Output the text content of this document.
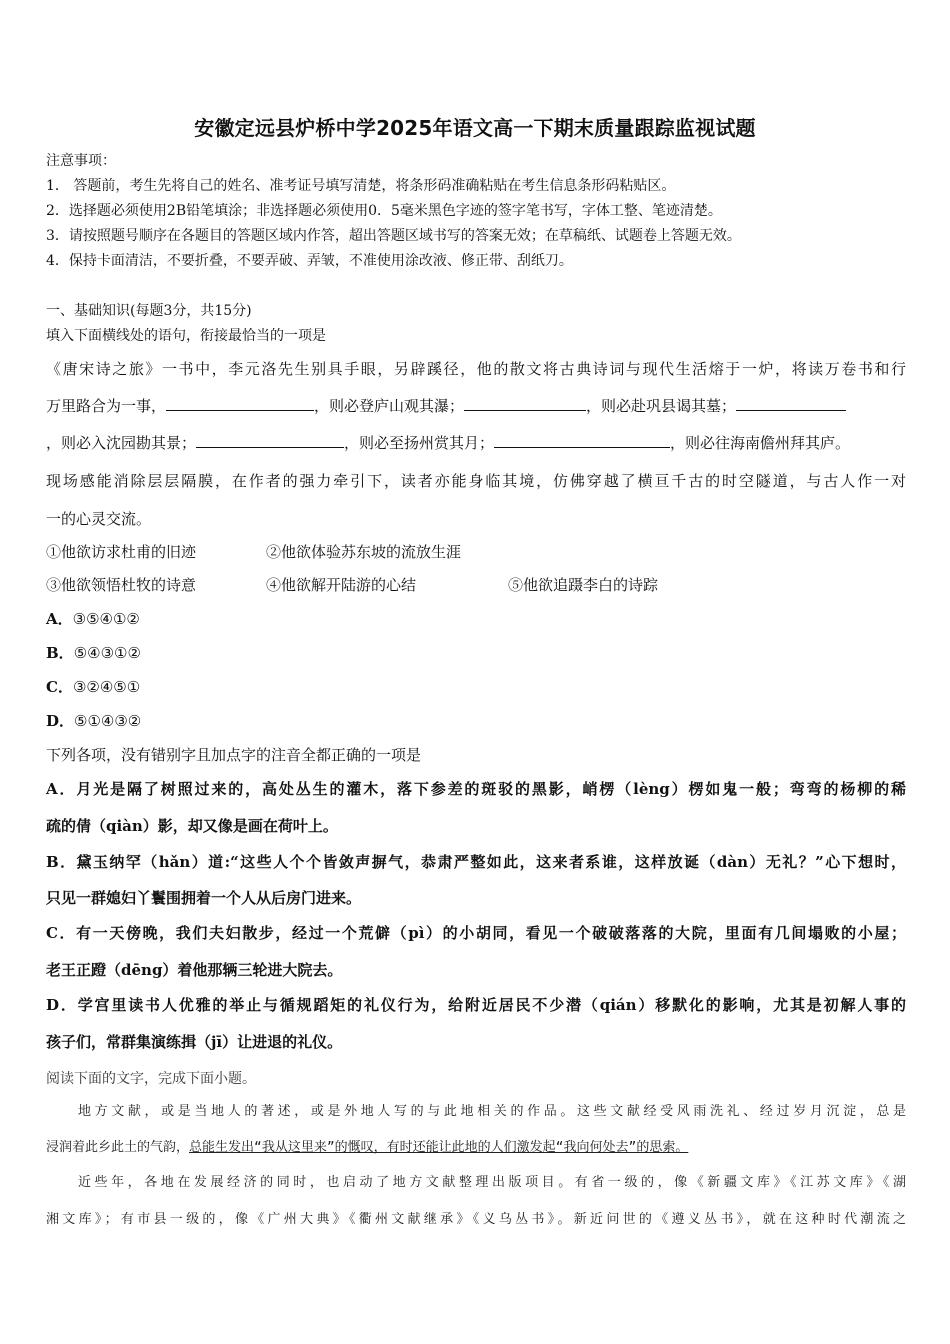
安徽定远县炉桥中学2025年语文高一下期末质量跟踪监视试题
注意事项：
1． 答题前，考生先将自己的姓名、准考证号填写清楚，将条形码准确粘贴在考生信息条形码粘贴区。
2．选择题必须使用2B铅笔填涂；非选择题必须使用0．5毫米黑色字迹的签字笔书写，字体工整、笔迹清楚。
3．请按照题号顺序在各题目的答题区域内作答，超出答题区域书写的答案无效；在草稿纸、试题卷上答题无效。
4．保持卡面清洁，不要折叠，不要弄破、弄皱，不准使用涂改液、修正带、刮纸刀。
一、基础知识(每题3分，共15分)
填入下面横线处的语句，衔接最恰当的一项是
《唐宋诗之旅》一书中，李元洛先生别具手眼，另辟蹊径，他的散文将古典诗词与现代生活熔于一炉，将读万卷书和行
万里路合为一事，	，则必登庐山观其瀑；	，则必赴巩县谒其墓；
，则必入沈园勘其景；	，则必至扬州赏其月；	，则必往海南儋州拜其庐。
现场感能消除层层隔膜，在作者的强力牵引下，读者亦能身临其境，仿佛穿越了横亘千古的时空隧道，与古人作一对
一的心灵交流。
①他欲访求杜甫的旧迹	②他欲体验苏东坡的流放生涯
③他欲领悟杜牧的诗意	④他欲解开陆游的心结	⑤他欲追蹑李白的诗踪
A．③⑤④①②
B．⑤④③①②
C．③②④⑤①
D．⑤①④③②
下列各项，没有错别字且加点字的注音全都正确的一项是
A．月光是隔了树照过来的，高处丛生的灌木，落下参差的斑驳的黑影，峭楞（lèng）楞如鬼一般；弯弯的杨柳的稀
疏的倩（qiàn）影，却又像是画在荷叶上。
B．黛玉纳罕（hǎn）道:“这些人个个皆敛声摒气，恭肃严整如此，这来者系谁，这样放诞（dàn）无礼？”心下想时，
只见一群媳妇丫鬟围拥着一个人从后房门进来。
C．有一天傍晚，我们夫妇散步，经过一个荒僻（pì）的小胡同，看见一个破破落落的大院，里面有几间塌败的小屋；
老王正蹬（dēng）着他那辆三轮进大院去。
D．学宫里读书人优雅的举止与循规蹈矩的礼仪行为，给附近居民不少潜（qián）移默化的影响，尤其是初解人事的
孩子们，常群集演练揖（jī）让进退的礼仪。
阅读下面的文字，完成下面小题。
地方文献，或是当地人的著述，或是外地人写的与此地相关的作品。这些文献经受风雨洗礼、经过岁月沉淀，总是
浸润着此乡此土的气韵，总能生发出“我从这里来”的慨叹，有时还能让此地的人们激发起“我向何处去”的思索。
近些年，各地在发展经济的同时，也启动了地方文献整理出版项目。有省一级的，像《新疆文库》《江苏文库》《湖
湘文库》；有市县一级的，像《广州大典》《衢州文献继承》《义乌丛书》。新近问世的《遵义丛书》，就在这种时代潮流之
